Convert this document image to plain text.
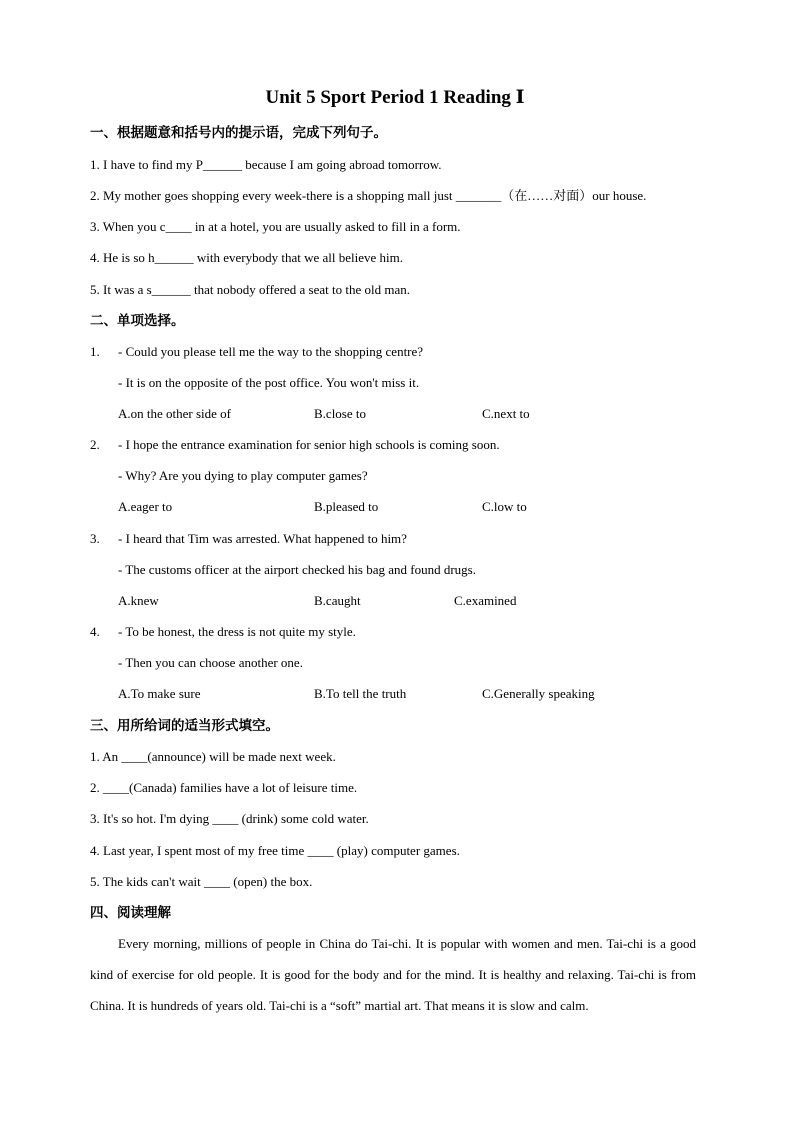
Unit 5 Sport Period 1 Reading Ⅰ
一、根据题意和括号内的提示语，完成下列句子。
1. I have to find my P______ because I am going abroad tomorrow.
2. My mother goes shopping every week-there is a shopping mall just _______（在……对面）our house.
3. When you c____ in at a hotel, you are usually asked to fill in a form.
4. He is so h______ with everybody that we all believe him.
5. It was a s______ that nobody offered a seat to the old man.
二、单项选择。
1. - Could you please tell me the way to the shopping centre?
- It is on the opposite of the post office. You won't miss it.
A.on the other side of	B.close to	C.next to
2. - I hope the entrance examination for senior high schools is coming soon.
- Why? Are you dying to play computer games?
A.eager to	B.pleased to	C.low to
3. - I heard that Tim was arrested. What happened to him?
- The customs officer at the airport checked his bag and found drugs.
A.knew	B.caught	C.examined
4. - To be honest, the dress is not quite my style.
- Then you can choose another one.
A.To make sure	B.To tell the truth	C.Generally speaking
三、用所给词的适当形式填空。
1. An ____(announce) will be made next week.
2. ____(Canada) families have a lot of leisure time.
3. It's so hot. I'm dying ____ (drink) some cold water.
4. Last year, I spent most of my free time ____ (play) computer games.
5. The kids can't wait ____ (open) the box.
四、阅读理解
Every morning, millions of people in China do Tai-chi. It is popular with women and men. Tai-chi is a good kind of exercise for old people. It is good for the body and for the mind. It is healthy and relaxing. Tai-chi is from China. It is hundreds of years old. Tai-chi is a “soft” martial art. That means it is slow and calm.
